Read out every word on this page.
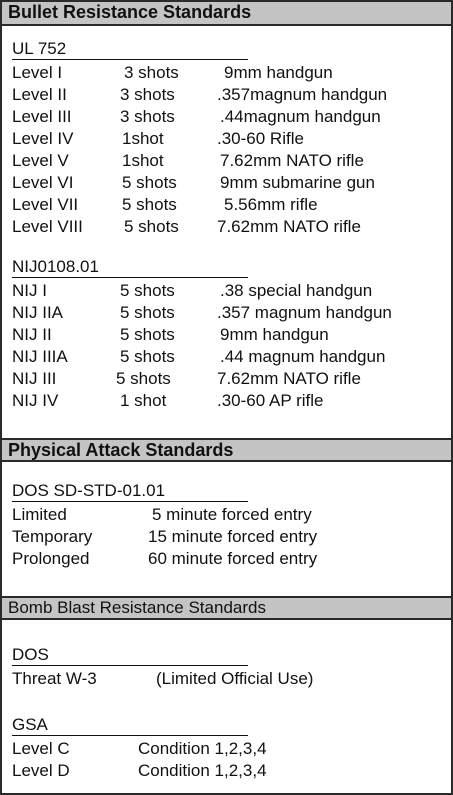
Bullet Resistance Standards
UL 752
Level I	3 shots	9mm handgun
Level II	3 shots .357magnum handgun
Level III	3 shots	.44magnum handgun
Level IV	1shot	.30-60 Rifle
Level V	1shot	7.62mm NATO rifle
Level VI	5 shots	9mm submarine gun
Level VII	5 shots	5.56mm rifle
Level VIII 5 shots 7.62mm NATO rifle
NIJ0108.01
NIJ I	5 shots	.38 special handgun
NIJ IIA	5 shots .357 magnum handgun
NIJ II	5 shots	9mm handgun
NIJ IIIA	5 shots	.44 magnum handgun
NIJ III	5 shots	7.62mm NATO rifle
NIJ IV	1 shot	.30-60 AP rifle
Physical Attack Standards
DOS SD-STD-01.01
Limited	5 minute forced entry
Temporary	15 minute forced entry
Prolonged	60 minute forced entry
Bomb Blast Resistance Standards
DOS
Threat W-3	(Limited Official Use)
GSA
Level C	Condition 1,2,3,4
Level D	Condition 1,2,3,4
